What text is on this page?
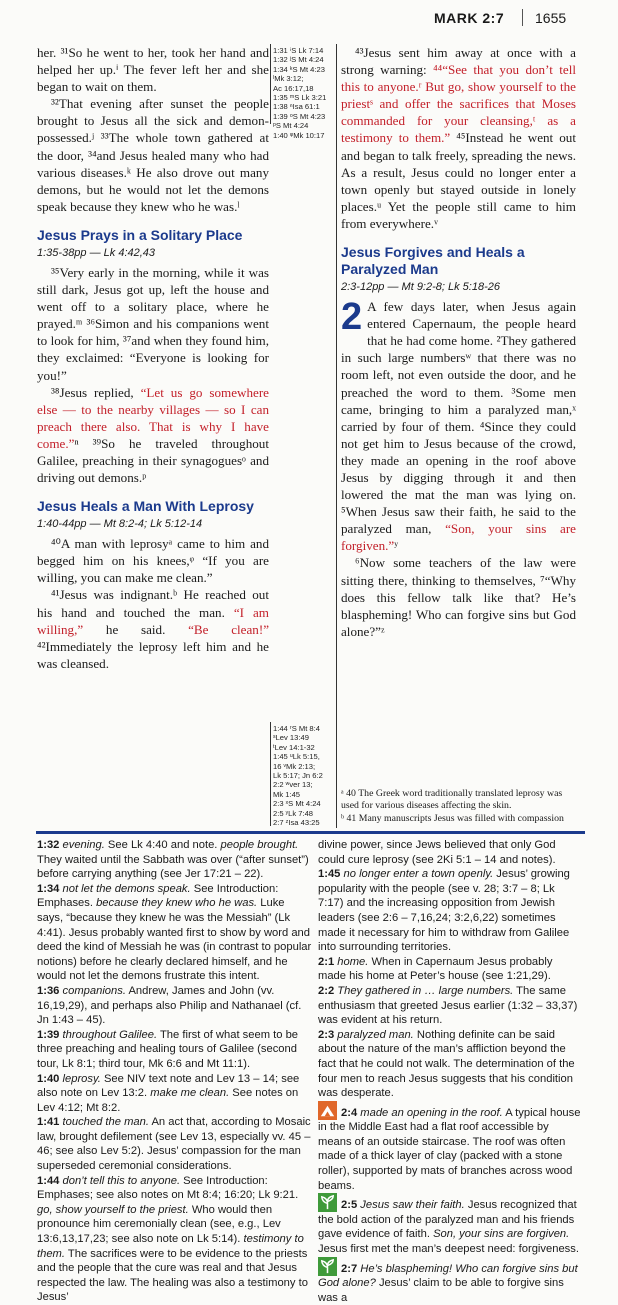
MARK 2:7 1655

her. ³¹So he went to her, took her hand and helped her up.ⁱ The fever left her and she began to wait on them.

³²That evening after sunset the people brought to Jesus all the sick and demon-possessed.ʲ ³³The whole town gathered at the door, ³⁴and Jesus healed many who had various diseases.ᵏ He also drove out many demons, but he would not let the demons speak because they knew who he was.ˡ

Jesus Prays in a Solitary Place
1:35-38pp — Lk 4:42,43

³⁵Very early in the morning, while it was still dark, Jesus got up, left the house and went off to a solitary place, where he prayed.ᵐ ³⁶Simon and his companions went to look for him, ³⁷and when they found him, they exclaimed: “Everyone is looking for you!”

³⁸Jesus replied, “Let us go somewhere else — to the nearby villages — so I can preach there also. That is why I have come.”ⁿ ³⁹So he traveled throughout Galilee, preaching in their synagoguesᵒ and driving out demons.ᵖ

Jesus Heals a Man With Leprosy
1:40-44pp — Mt 8:2-4; Lk 5:12-14

⁴⁰A man with leprosyᵃ came to him and begged him on his knees,ᵠ “If you are willing, you can make me clean.”

⁴¹Jesus was indignant.ᵇ He reached out his hand and touched the man. “I am willing,” he said. “Be clean!” ⁴²Immediately the leprosy left him and he was cleansed.

1:31 ⁱS Lk 7:14
1:32 ʲS Mt 4:24
1:34 ᵏS Mt 4:23
ˡMk 3:12;
Ac 16:17,18
1:35 ᵐS Lk 3:21
1:38 ⁿIsa 61:1
1:39 ᵒS Mt 4:23
ᵖS Mt 4:24
1:40 ᵠMk 10:17
1:44 ʳS Mt 8:4
ˢLev 13:49
ᵗLev 14:1-32
1:45 ᵘLk 5:15,
16 ᵛMk 2:13;
Lk 5:17; Jn 6:2
2:2 ʷver 13;
Mk 1:45
2:3 ˣS Mt 4:24
2:5 ʸLk 7:48
2:7 ᶻIsa 43:25

⁴³Jesus sent him away at once with a strong warning: ⁴⁴“See that you don’t tell this to anyone.ʳ But go, show yourself to the priestˢ and offer the sacrifices that Moses commanded for your cleansing,ᵗ as a testimony to them.” ⁴⁵Instead he went out and began to talk freely, spreading the news. As a result, Jesus could no longer enter a town openly but stayed outside in lonely places.ᵘ Yet the people still came to him from everywhere.ᵛ

Jesus Forgives and Heals a Paralyzed Man
2:3-12pp — Mt 9:2-8; Lk 5:18-26

2 A few days later, when Jesus again entered Capernaum, the people heard that he had come home. ²They gathered in such large numbersʷ that there was no room left, not even outside the door, and he preached the word to them. ³Some men came, bringing to him a paralyzed man,ˣ carried by four of them. ⁴Since they could not get him to Jesus because of the crowd, they made an opening in the roof above Jesus by digging through it and then lowered the mat the man was lying on. ⁵When Jesus saw their faith, he said to the paralyzed man, “Son, your sins are forgiven.”ʸ

⁶Now some teachers of the law were sitting there, thinking to themselves, ⁷“Why does this fellow talk like that? He’s blaspheming! Who can forgive sins but God alone?”ᶻ

ᵃ 40 The Greek word traditionally translated leprosy was used for various diseases affecting the skin.
ᵇ 41 Many manuscripts Jesus was filled with compassion

1:32 evening. See Lk 4:40 and note. people brought. They waited until the Sabbath was over (“after sunset”) before carrying anything (see Jer 17:21 – 22).

1:34 not let the demons speak. See Introduction: Emphases. because they knew who he was. Luke says, “because they knew he was the Messiah” (Lk 4:41). Jesus probably wanted first to show by word and deed the kind of Messiah he was (in contrast to popular notions) before he clearly declared himself, and he would not let the demons frustrate this intent.

1:36 companions. Andrew, James and John (vv. 16,19,29), and perhaps also Philip and Nathanael (cf. Jn 1:43 – 45).

1:39 throughout Galilee. The first of what seem to be three preaching and healing tours of Galilee (second tour, Lk 8:1; third tour, Mk 6:6 and Mt 11:1).

1:40 leprosy. See NIV text note and Lev 13 – 14; see also note on Lev 13:2. make me clean. See notes on Lev 4:12; Mt 8:2.

1:41 touched the man. An act that, according to Mosaic law, brought defilement (see Lev 13, especially vv. 45 – 46; see also Lev 5:2). Jesus’ compassion for the man superseded ceremonial considerations.

1:44 don’t tell this to anyone. See Introduction: Emphases; see also notes on Mt 8:4; 16:20; Lk 9:21. go, show yourself to the priest. Who would then pronounce him ceremonially clean (see, e.g., Lev 13:6,13,17,23; see also note on Lk 5:14). testimony to them. The sacrifices were to be evidence to the priests and the people that the cure was real and that Jesus respected the law. The healing was also a testimony to Jesus’

divine power, since Jews believed that only God could cure leprosy (see 2Ki 5:1 – 14 and notes).

1:45 no longer enter a town openly. Jesus’ growing popularity with the people (see v. 28; 3:7 – 8; Lk 7:17) and the increasing opposition from Jewish leaders (see 2:6 – 7,16,24; 3:2,6,22) sometimes made it necessary for him to withdraw from Galilee into surrounding territories.

2:1 home. When in Capernaum Jesus probably made his home at Peter’s house (see 1:21,29).

2:2 They gathered in … large numbers. The same enthusiasm that greeted Jesus earlier (1:32 – 33,37) was evident at his return.

2:3 paralyzed man. Nothing definite can be said about the nature of the man’s affliction beyond the fact that he could not walk. The determination of the four men to reach Jesus suggests that his condition was desperate.

2:4 made an opening in the roof. A typical house in the Middle East had a flat roof accessible by means of an outside staircase. The roof was often made of a thick layer of clay (packed with a stone roller), supported by mats of branches across wood beams.

2:5 Jesus saw their faith. Jesus recognized that the bold action of the paralyzed man and his friends gave evidence of faith. Son, your sins are forgiven. Jesus first met the man’s deepest need: forgiveness.

2:7 He’s blaspheming! Who can forgive sins but God alone? Jesus’ claim to be able to forgive sins was a
